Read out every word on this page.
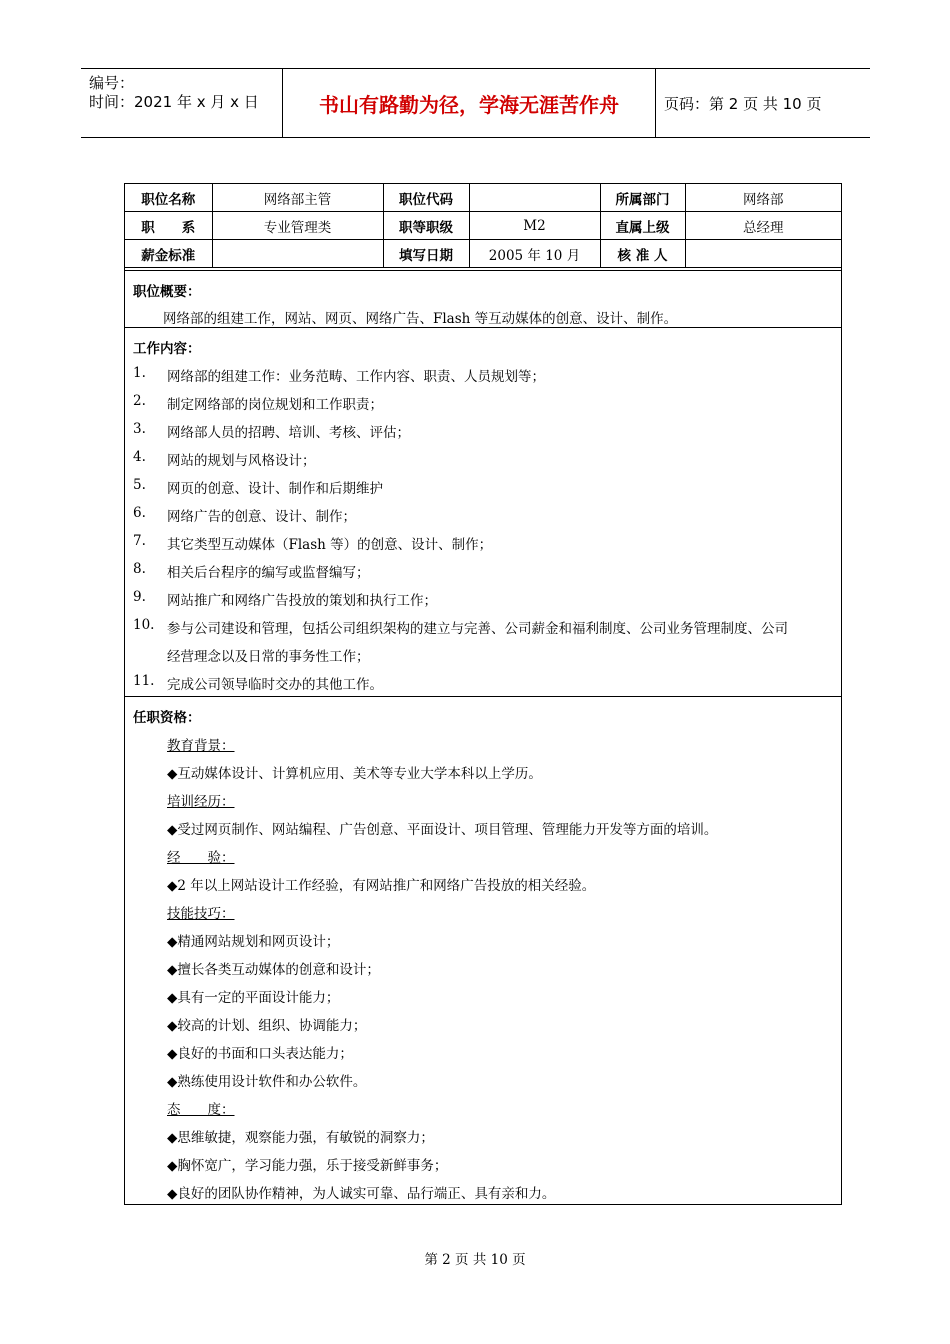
编号：
时间：2021 年 x 月 x 日	书山有路勤为径，学海无涯苦作舟	页码：第 2 页 共 10 页
职位名称	网络部主管	职位代码		所属部门	网络部
职　　系	专业管理类	职等职级	M2	直属上级	总经理
薪金标准		填写日期	2005 年 10 月	核 准 人	
职位概要：
网络部的组建工作，网站、网页、网络广告、Flash 等互动媒体的创意、设计、制作。
工作内容：
1. 网络部的组建工作：业务范畴、工作内容、职责、人员规划等；
2. 制定网络部的岗位规划和工作职责；
3. 网络部人员的招聘、培训、考核、评估；
4. 网站的规划与风格设计；
5. 网页的创意、设计、制作和后期维护
6. 网络广告的创意、设计、制作；
7. 其它类型互动媒体（Flash 等）的创意、设计、制作；
8. 相关后台程序的编写或监督编写；
9. 网站推广和网络广告投放的策划和执行工作；
10. 参与公司建设和管理，包括公司组织架构的建立与完善、公司薪金和福利制度、公司业务管理制度、公司
经营理念以及日常的事务性工作；
11. 完成公司领导临时交办的其他工作。
任职资格：
教育背景：
◆互动媒体设计、计算机应用、美术等专业大学本科以上学历。
培训经历：
◆受过网页制作、网站编程、广告创意、平面设计、项目管理、管理能力开发等方面的培训。
经　　验：
◆2 年以上网站设计工作经验，有网站推广和网络广告投放的相关经验。
技能技巧：
◆精通网站规划和网页设计；
◆擅长各类互动媒体的创意和设计；
◆具有一定的平面设计能力；
◆较高的计划、组织、协调能力；
◆良好的书面和口头表达能力；
◆熟练使用设计软件和办公软件。
态　　度：
◆思维敏捷，观察能力强，有敏锐的洞察力；
◆胸怀宽广，学习能力强，乐于接受新鲜事务；
◆良好的团队协作精神，为人诚实可靠、品行端正、具有亲和力。
第 2 页 共 10 页
